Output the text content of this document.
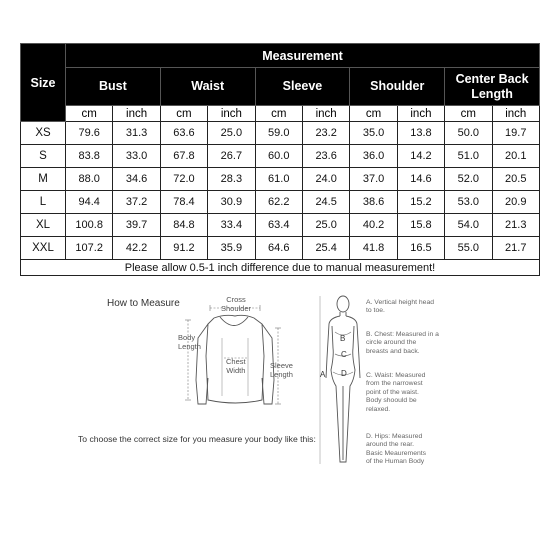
Size	Measurement									
	Bust		Waist		Sleeve		Shoulder		Center Back Length	
	cm	inch	cm	inch	cm	inch	cm	inch	cm	inch
XS	79.6	31.3	63.6	25.0	59.0	23.2	35.0	13.8	50.0	19.7
S	83.8	33.0	67.8	26.7	60.0	23.6	36.0	14.2	51.0	20.1
M	88.0	34.6	72.0	28.3	61.0	24.0	37.0	14.6	52.0	20.5
L	94.4	37.2	78.4	30.9	62.2	24.5	38.6	15.2	53.0	20.9
XL	100.8	39.7	84.8	33.4	63.4	25.0	40.2	15.8	54.0	21.3
XXL	107.2	42.2	91.2	35.9	64.6	25.4	41.8	16.5	55.0	21.7
Please allow 0.5-1 inch difference due to manual measurement!										
How to Measure	Cross
Shoulder
Body
Length
Chest
Width	Sleeve
Length
To choose the correct size for you measure your body like this:
A
B
C
D
A. Vertical height head
to toe.
B. Chest: Measured in a
circle around the
breasts and back.
C. Waist: Measured
from the narrowest
point of the waist.
Body shoould be
relaxed.
D. Hips: Measured
around the rear.
Basic Meaurements
of the Human Body
